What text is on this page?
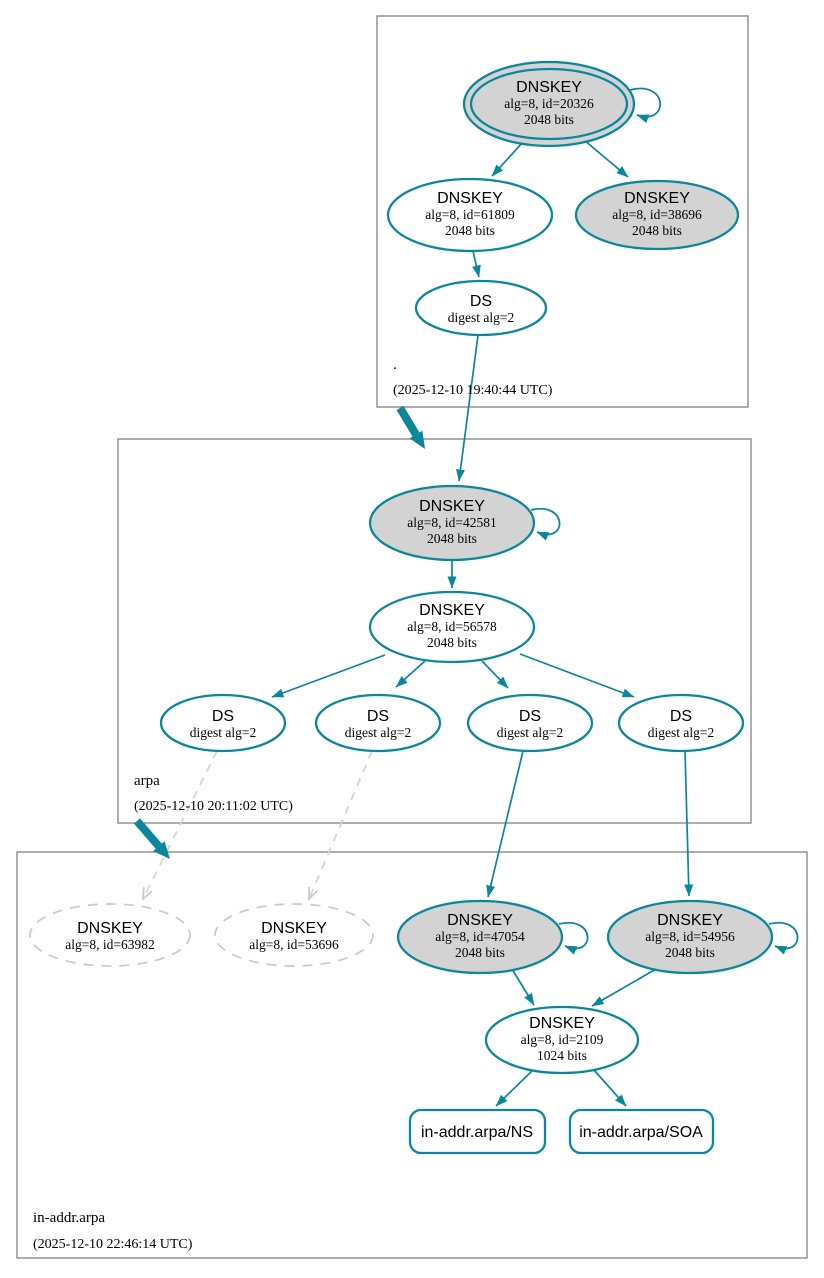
DNSKEY
alg=8, id=20326
2048 bits
DNSKEY
alg=8, id=61809
2048 bits
DNSKEY
alg=8, id=38696
2048 bits
DS
digest alg=2
DNSKEY
alg=8, id=42581
2048 bits
DNSKEY
alg=8, id=56578
2048 bits
DS
digest alg=2
DS
digest alg=2
DS
digest alg=2
DS
digest alg=2
DNSKEY
alg=8, id=63982
DNSKEY
alg=8, id=53696
DNSKEY
alg=8, id=47054
2048 bits
DNSKEY
alg=8, id=54956
2048 bits
DNSKEY
alg=8, id=2109
1024 bits
in-addr.arpa/NS	in-addr.arpa/SOA
.
(2025-12-10 19:40:44 UTC)
arpa
(2025-12-10 20:11:02 UTC)
in-addr.arpa
(2025-12-10 22:46:14 UTC)
